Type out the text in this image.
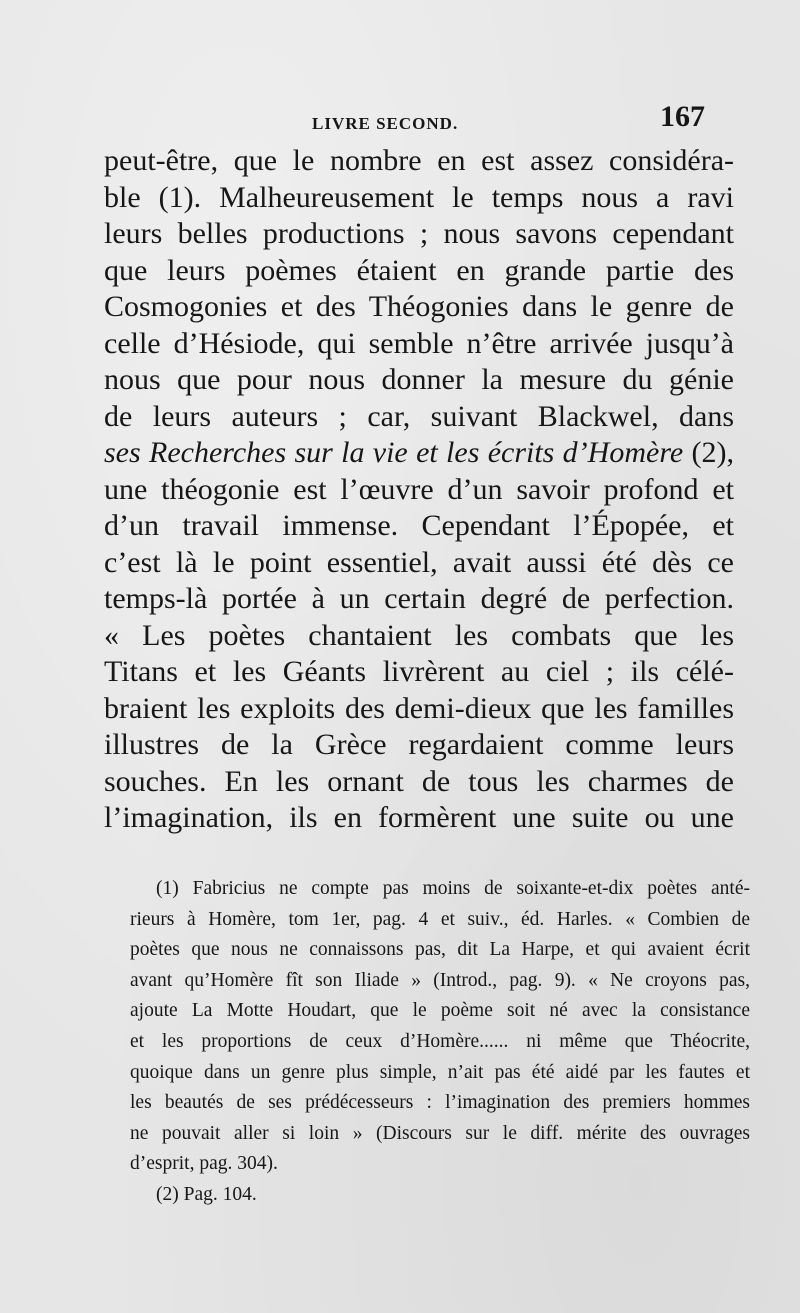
LIVRE SECOND.	167
peut-être, que le nombre en est assez considéra-
ble (1). Malheureusement le temps nous a ravi
leurs belles productions ; nous savons cependant
que leurs poèmes étaient en grande partie des
Cosmogonies et des Théogonies dans le genre de
celle d’Hésiode, qui semble n’être arrivée jusqu’à
nous que pour nous donner la mesure du génie
de leurs auteurs ; car, suivant Blackwel, dans
ses Recherches sur la vie et les écrits d’Homère (2),
une théogonie est l’œuvre d’un savoir profond et
d’un travail immense. Cependant l’Épopée, et
c’est là le point essentiel, avait aussi été dès ce
temps-là portée à un certain degré de perfection.
« Les poètes chantaient les combats que les
Titans et les Géants livrèrent au ciel ; ils célé-
braient les exploits des demi-dieux que les familles
illustres de la Grèce regardaient comme leurs
souches. En les ornant de tous les charmes de
l’imagination, ils en formèrent une suite ou une
(1) Fabricius ne compte pas moins de soixante-et-dix poètes anté-
rieurs à Homère, tom 1er, pag. 4 et suiv., éd. Harles. « Combien de
poètes que nous ne connaissons pas, dit La Harpe, et qui avaient écrit
avant qu’Homère fît son Iliade » (Introd., pag. 9). « Ne croyons pas,
ajoute La Motte Houdart, que le poème soit né avec la consistance
et les proportions de ceux d’Homère...... ni même que Théocrite,
quoique dans un genre plus simple, n’ait pas été aidé par les fautes et
les beautés de ses prédécesseurs : l’imagination des premiers hommes
ne pouvait aller si loin » (Discours sur le diff. mérite des ouvrages
d’esprit, pag. 304).
(2) Pag. 104.
